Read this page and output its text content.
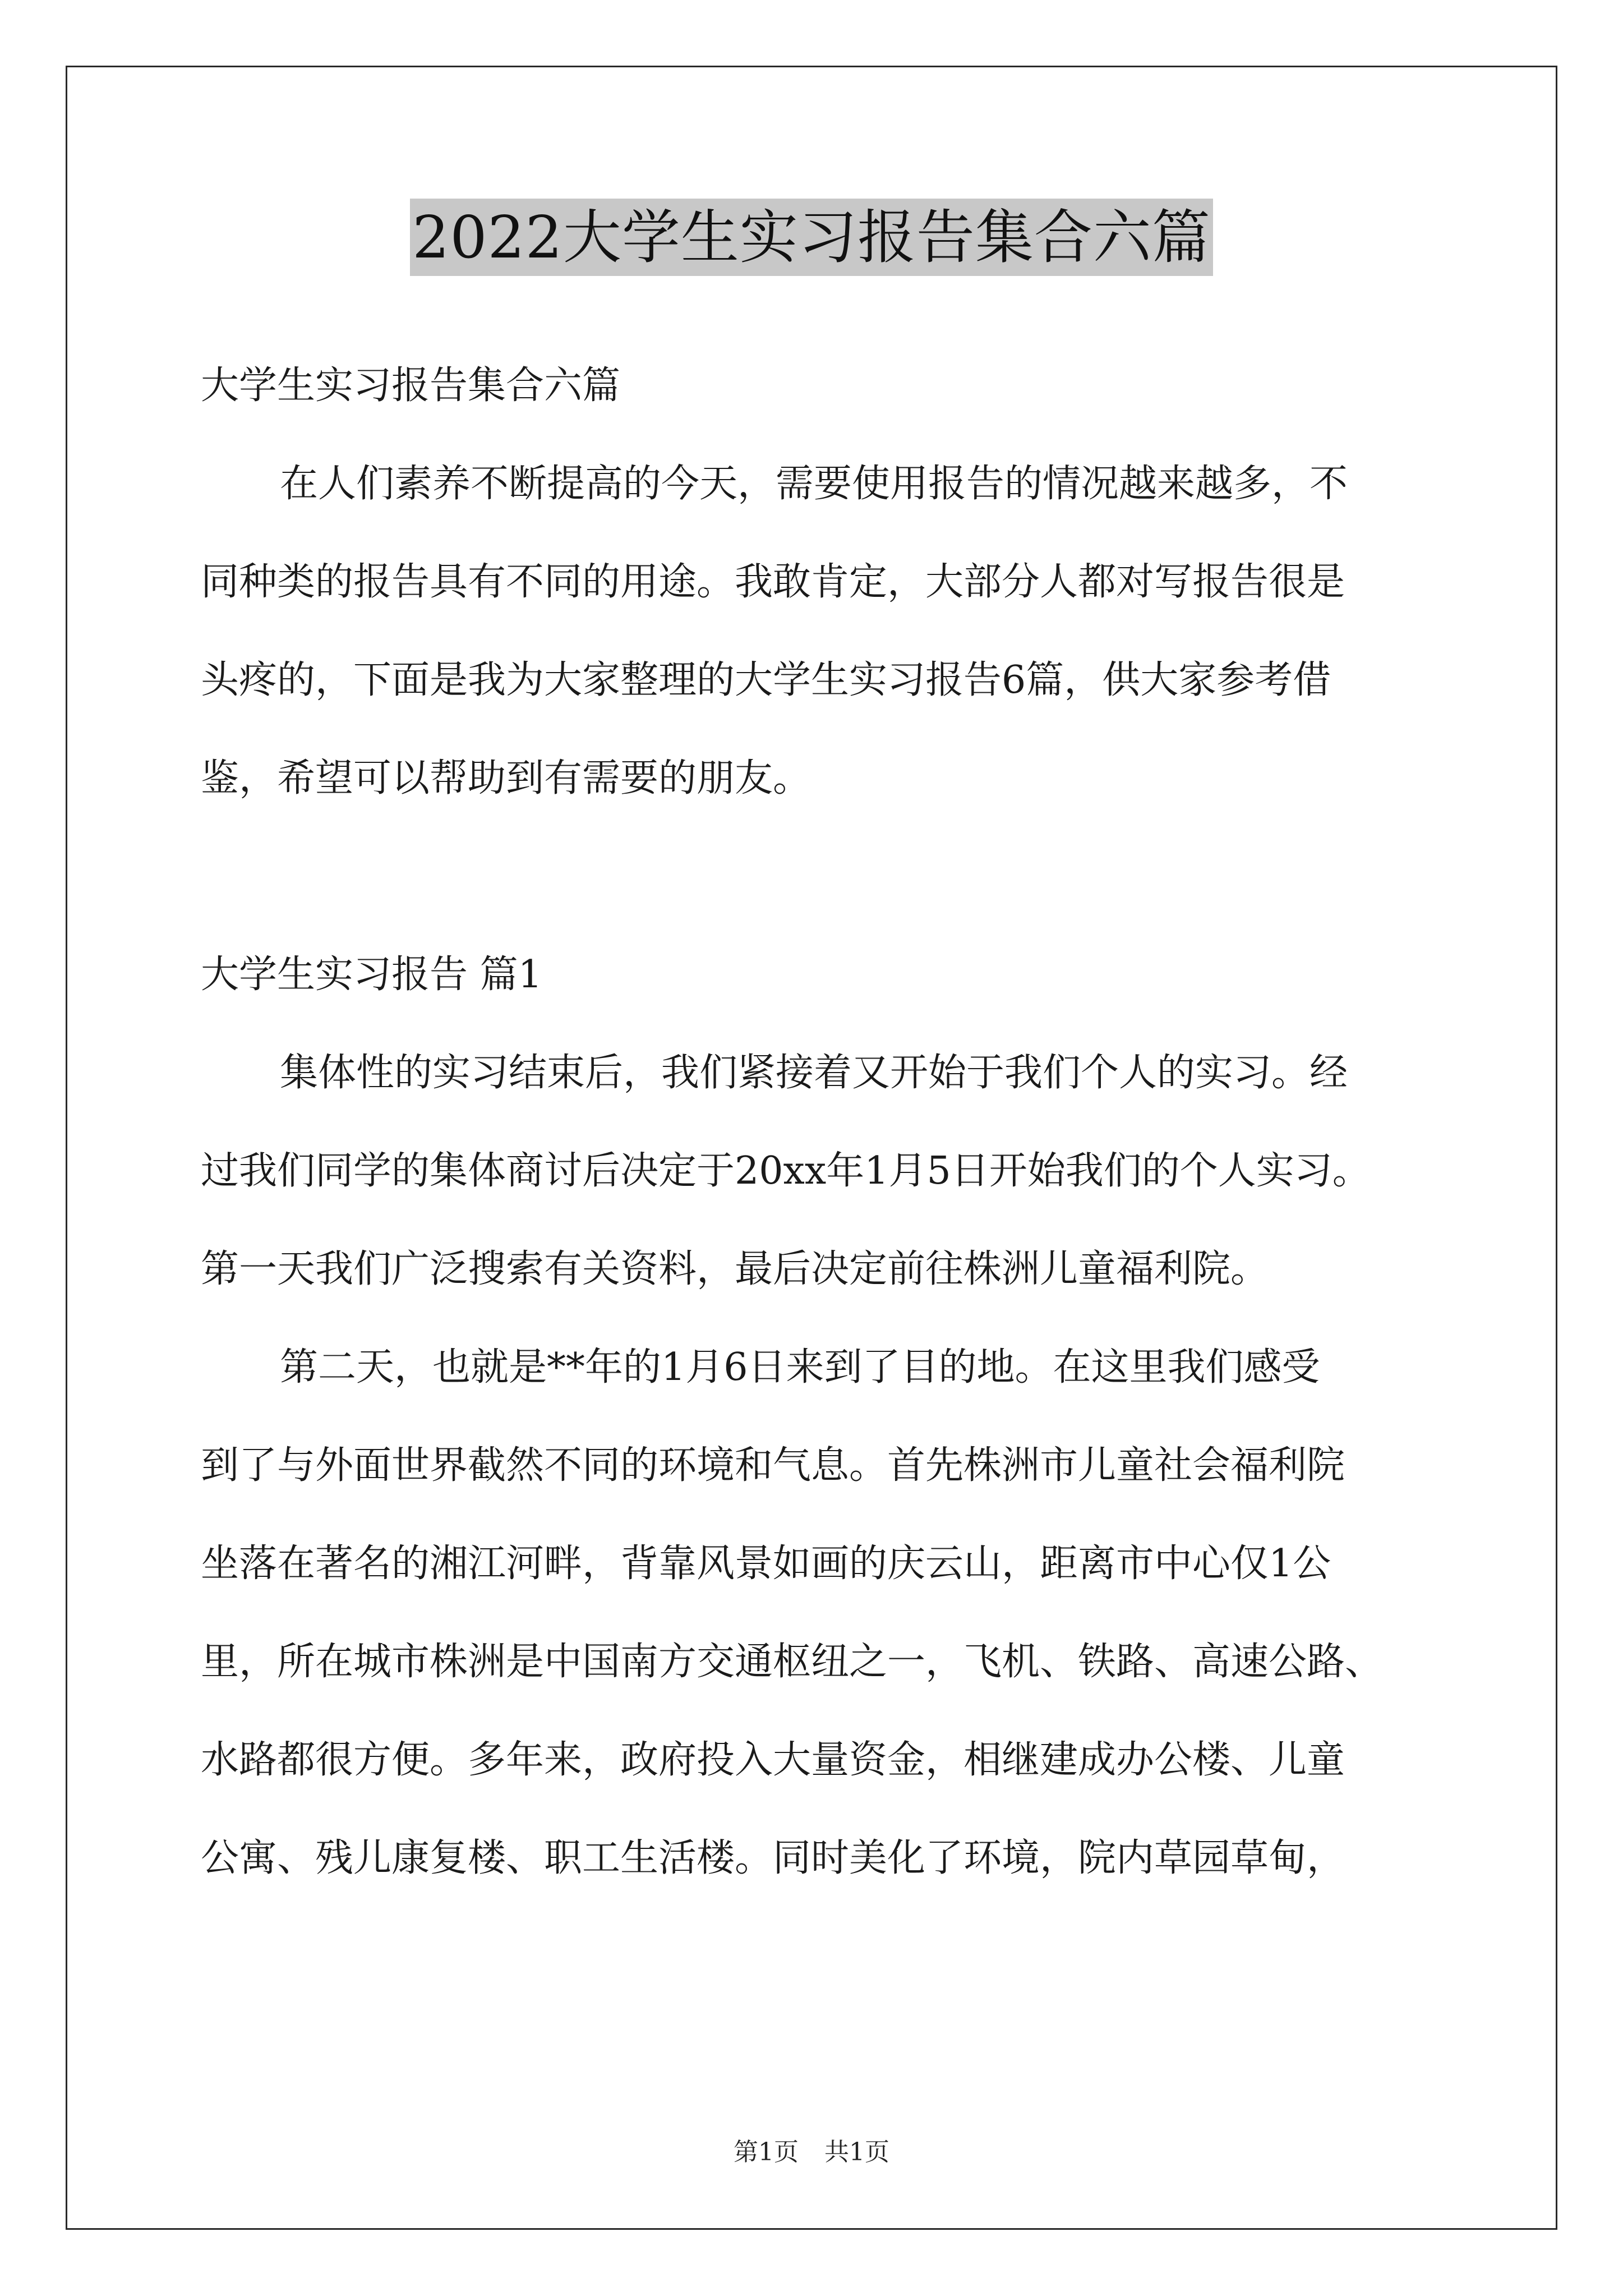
2022大学生实习报告集合六篇
大学生实习报告集合六篇
在人们素养不断提高的今天，需要使用报告的情况越来越多，不
同种类的报告具有不同的用途。我敢肯定，大部分人都对写报告很是
头疼的，下面是我为大家整理的大学生实习报告6篇，供大家参考借
鉴，希望可以帮助到有需要的朋友。
大学生实习报告 篇1
集体性的实习结束后，我们紧接着又开始于我们个人的实习。经
过我们同学的集体商讨后决定于20xx年1月5日开始我们的个人实习。
第一天我们广泛搜索有关资料，最后决定前往株洲儿童福利院。
第二天，也就是**年的1月6日来到了目的地。在这里我们感受
到了与外面世界截然不同的环境和气息。首先株洲市儿童社会福利院
坐落在著名的湘江河畔，背靠风景如画的庆云山，距离市中心仅1公
里，所在城市株洲是中国南方交通枢纽之一，飞机、铁路、高速公路、
水路都很方便。多年来，政府投入大量资金，相继建成办公楼、儿童
公寓、残儿康复楼、职工生活楼。同时美化了环境，院内草园草甸，
第1页 共1页
